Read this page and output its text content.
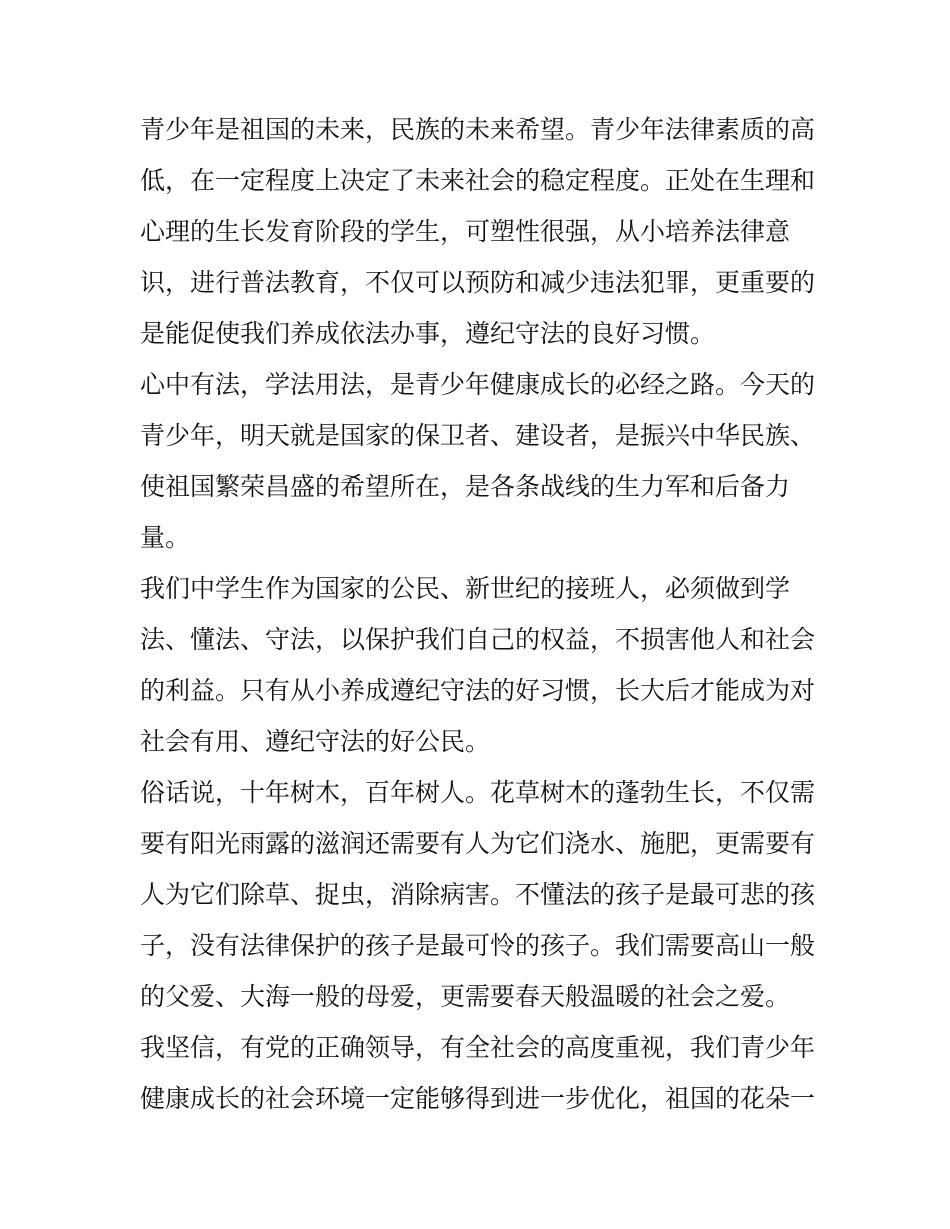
青少年是祖国的未来，民族的未来希望。青少年法律素质的高
低，在一定程度上决定了未来社会的稳定程度。正处在生理和
心理的生长发育阶段的学生，可塑性很强，从小培养法律意
识，进行普法教育，不仅可以预防和减少违法犯罪，更重要的
是能促使我们养成依法办事，遵纪守法的良好习惯。
心中有法，学法用法，是青少年健康成长的必经之路。今天的
青少年，明天就是国家的保卫者、建设者，是振兴中华民族、
使祖国繁荣昌盛的希望所在，是各条战线的生力军和后备力
量。
我们中学生作为国家的公民、新世纪的接班人，必须做到学
法、懂法、守法，以保护我们自己的权益，不损害他人和社会
的利益。只有从小养成遵纪守法的好习惯，长大后才能成为对
社会有用、遵纪守法的好公民。
俗话说，十年树木，百年树人。花草树木的蓬勃生长，不仅需
要有阳光雨露的滋润还需要有人为它们浇水、施肥，更需要有
人为它们除草、捉虫，消除病害。不懂法的孩子是最可悲的孩
子，没有法律保护的孩子是最可怜的孩子。我们需要高山一般
的父爱、大海一般的母爱，更需要春天般温暖的社会之爱。
我坚信，有党的正确领导，有全社会的高度重视，我们青少年
健康成长的社会环境一定能够得到进一步优化，祖国的花朵一
